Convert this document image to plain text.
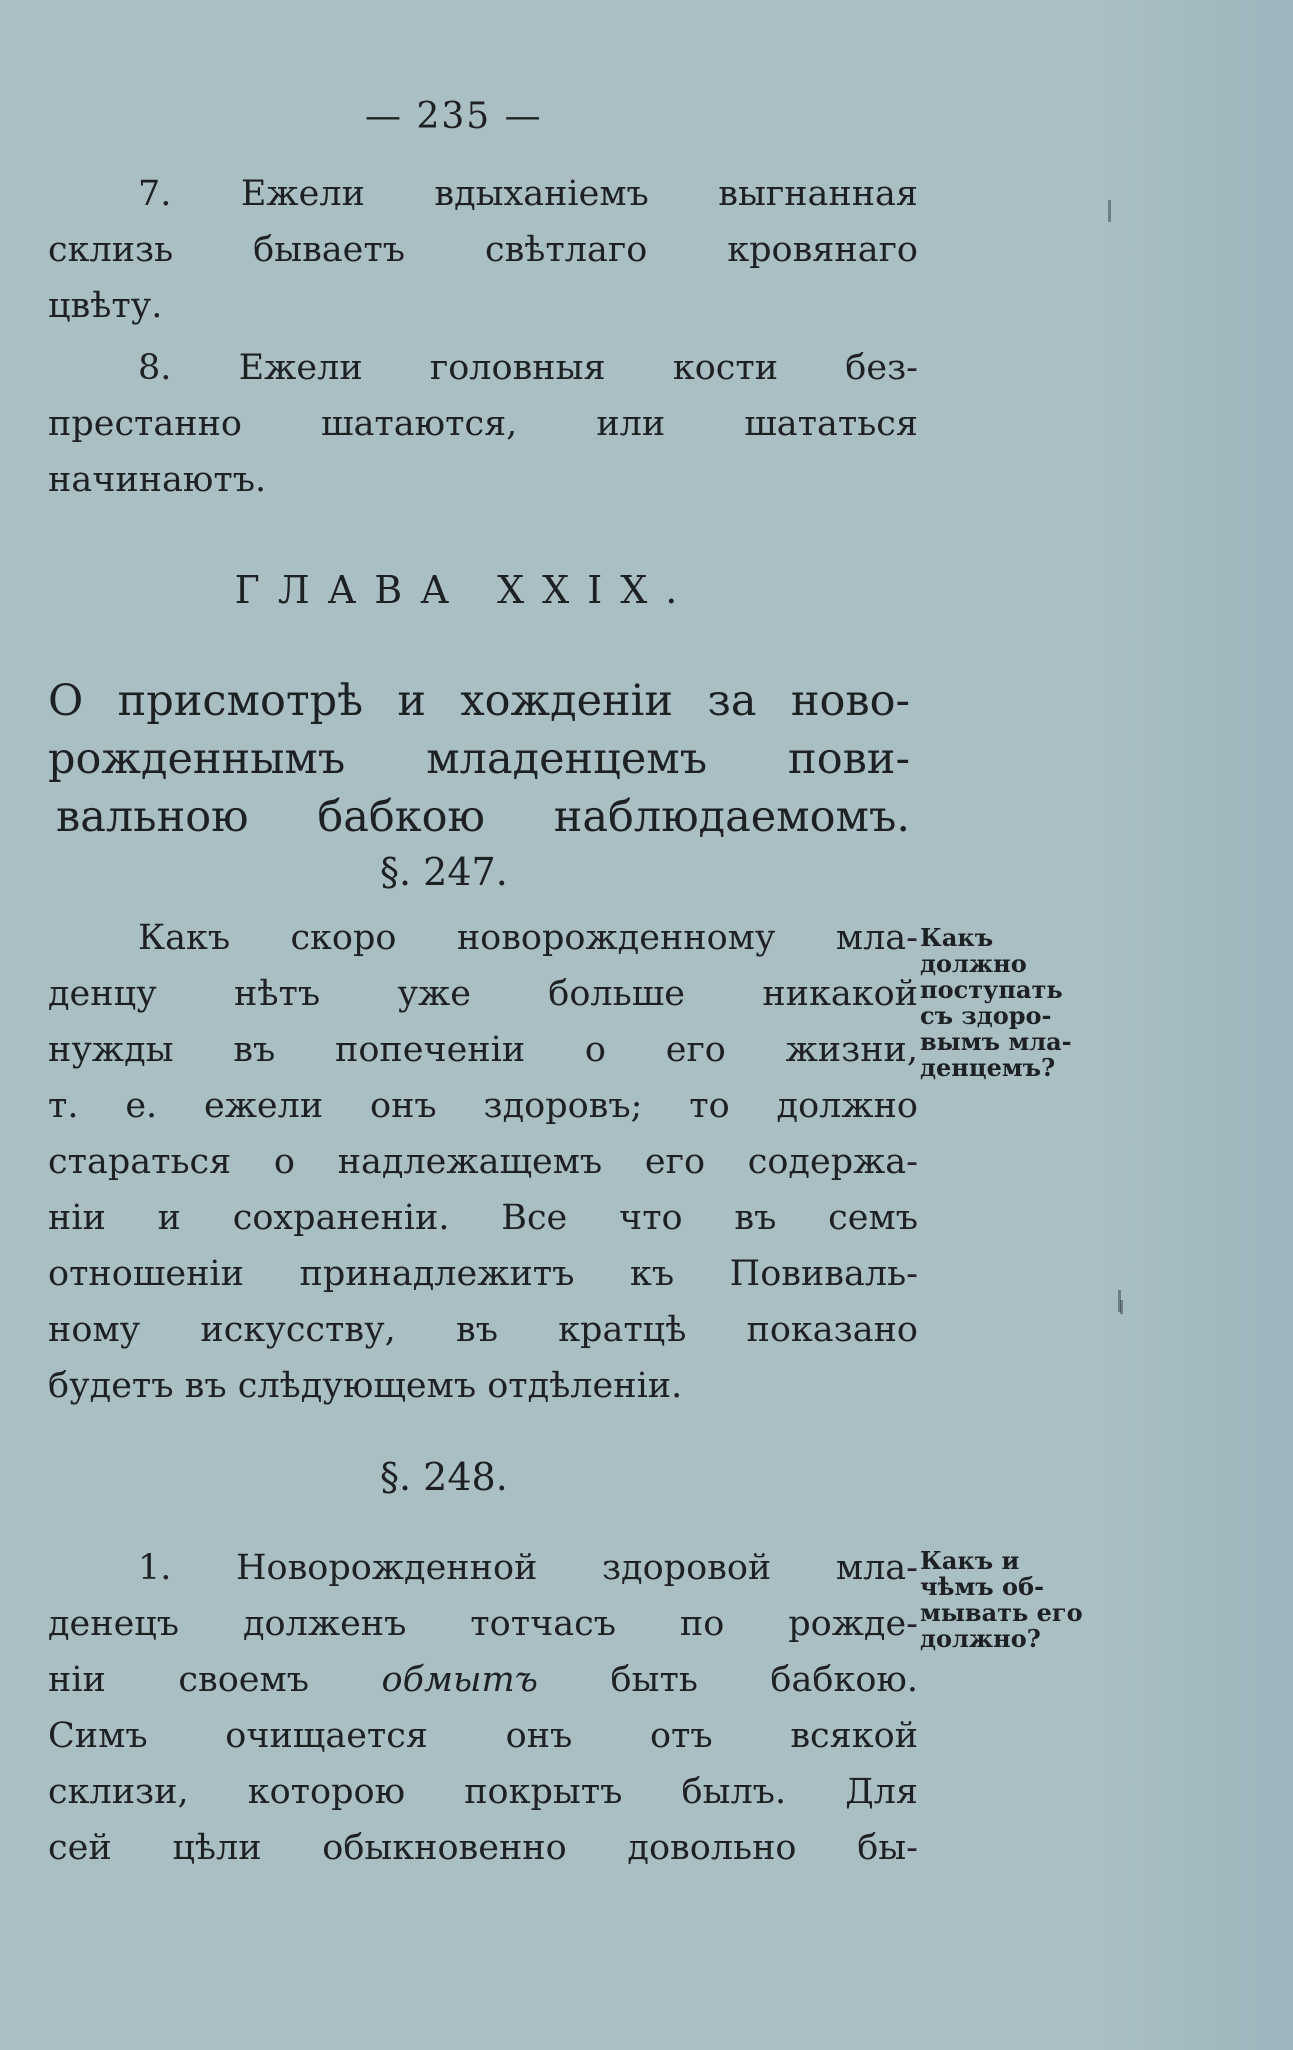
— 235 —
7. Ежели вдыханіемъ выгнанная
склизь бываетъ свѣтлаго кровянаго
цвѣту.
8. Ежели головныя кости без-
престанно шатаются, или шататься
начинаютъ.
ГЛАВА XXIX.
О присмотрѣ и хожденіи за ново-
рожденнымъ младенцемъ пови-
вальною бабкою наблюдаемомъ.
§. 247.
Какъ скоро новорожденному мла-
денцу нѣтъ уже больше никакой
нужды въ попеченіи о его жизни,
т. е. ежели онъ здоровъ; то должно
стараться о надлежащемъ его содержа-
ніи и сохраненіи. Все что въ семъ
отношеніи принадлежитъ къ Повиваль-
ному искусству, въ кратцѣ показано
будетъ въ слѣдующемъ отдѣленіи.
Какъ
должно
поступать
съ здоро-
вымъ мла-
денцемъ?
§. 248.
1. Новорожденной здоровой мла-
денецъ долженъ тотчасъ по рожде-
ніи своемъ обмытъ быть бабкою.
Симъ очищается онъ отъ всякой
склизи, которою покрытъ былъ. Для
сей цѣли обыкновенно довольно бы-
Какъ и
чѣмъ об-
мывать его
должно?
